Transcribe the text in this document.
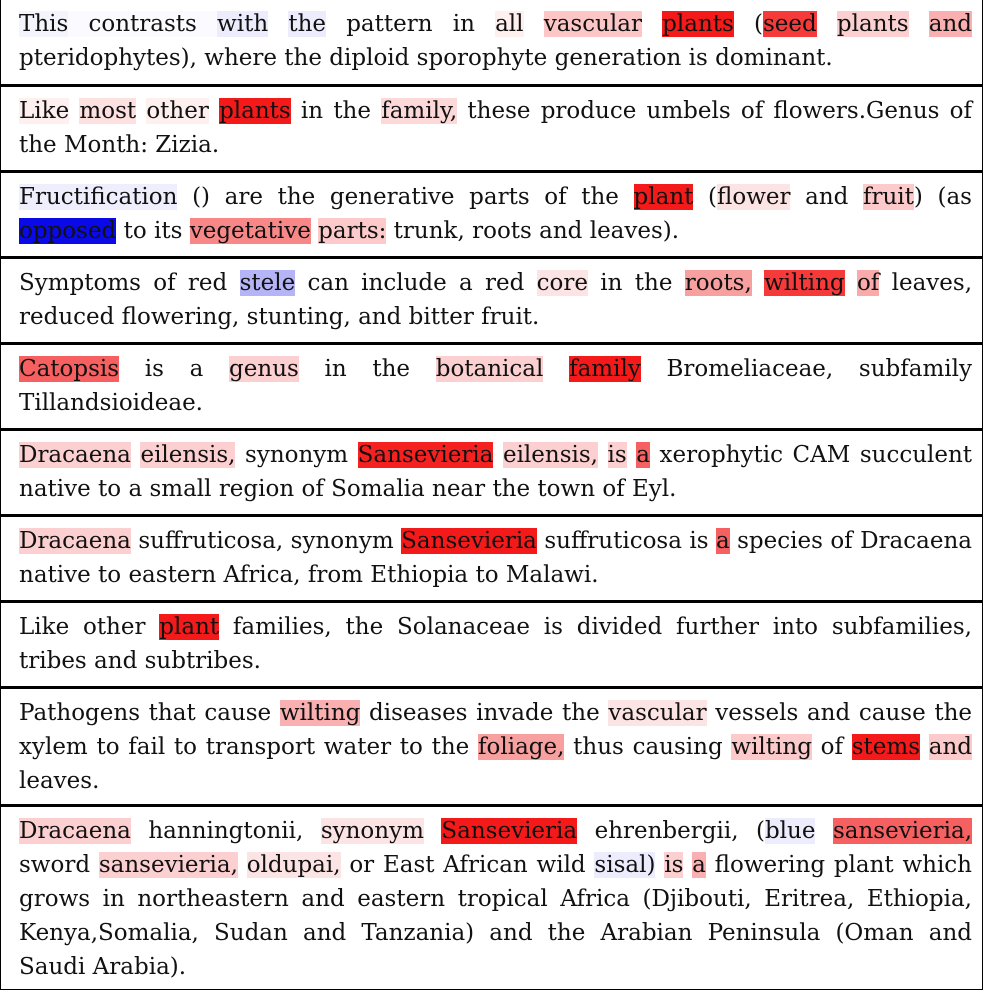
This contrasts with the pattern in all vascular plants (seed plants and pteridophytes), where the diploid sporophyte generation is dominant.
Like most other plants in the family, these produce umbels of flowers.Genus of the Month: Zizia.
Fructification () are the generative parts of the plant (flower and fruit) (as opposed to its vegetative parts: trunk, roots and leaves).
Symptoms of red stele can include a red core in the roots, wilting of leaves, reduced flowering, stunting, and bitter fruit.
Catopsis is a genus in the botanical family Bromeliaceae, subfamily Tillandsioideae.
Dracaena eilensis, synonym Sansevieria eilensis, is a xerophytic CAM succulent native to a small region of Somalia near the town of Eyl.
Dracaena suffruticosa, synonym Sansevieria suffruticosa is a species of Dracaena native to eastern Africa, from Ethiopia to Malawi.
Like other plant families, the Solanaceae is divided further into subfamilies, tribes and subtribes.
Pathogens that cause wilting diseases invade the vascular vessels and cause the xylem to fail to transport water to the foliage, thus causing wilting of stems and leaves.
Dracaena hanningtonii, synonym Sansevieria ehrenbergii, (blue sansevieria, sword sansevieria, oldupai, or East African wild sisal) is a flowering plant which grows in northeastern and eastern tropical Africa (Djibouti, Eritrea, Ethiopia, Kenya,Somalia, Sudan and Tanzania) and the Arabian Peninsula (Oman and Saudi Arabia).
